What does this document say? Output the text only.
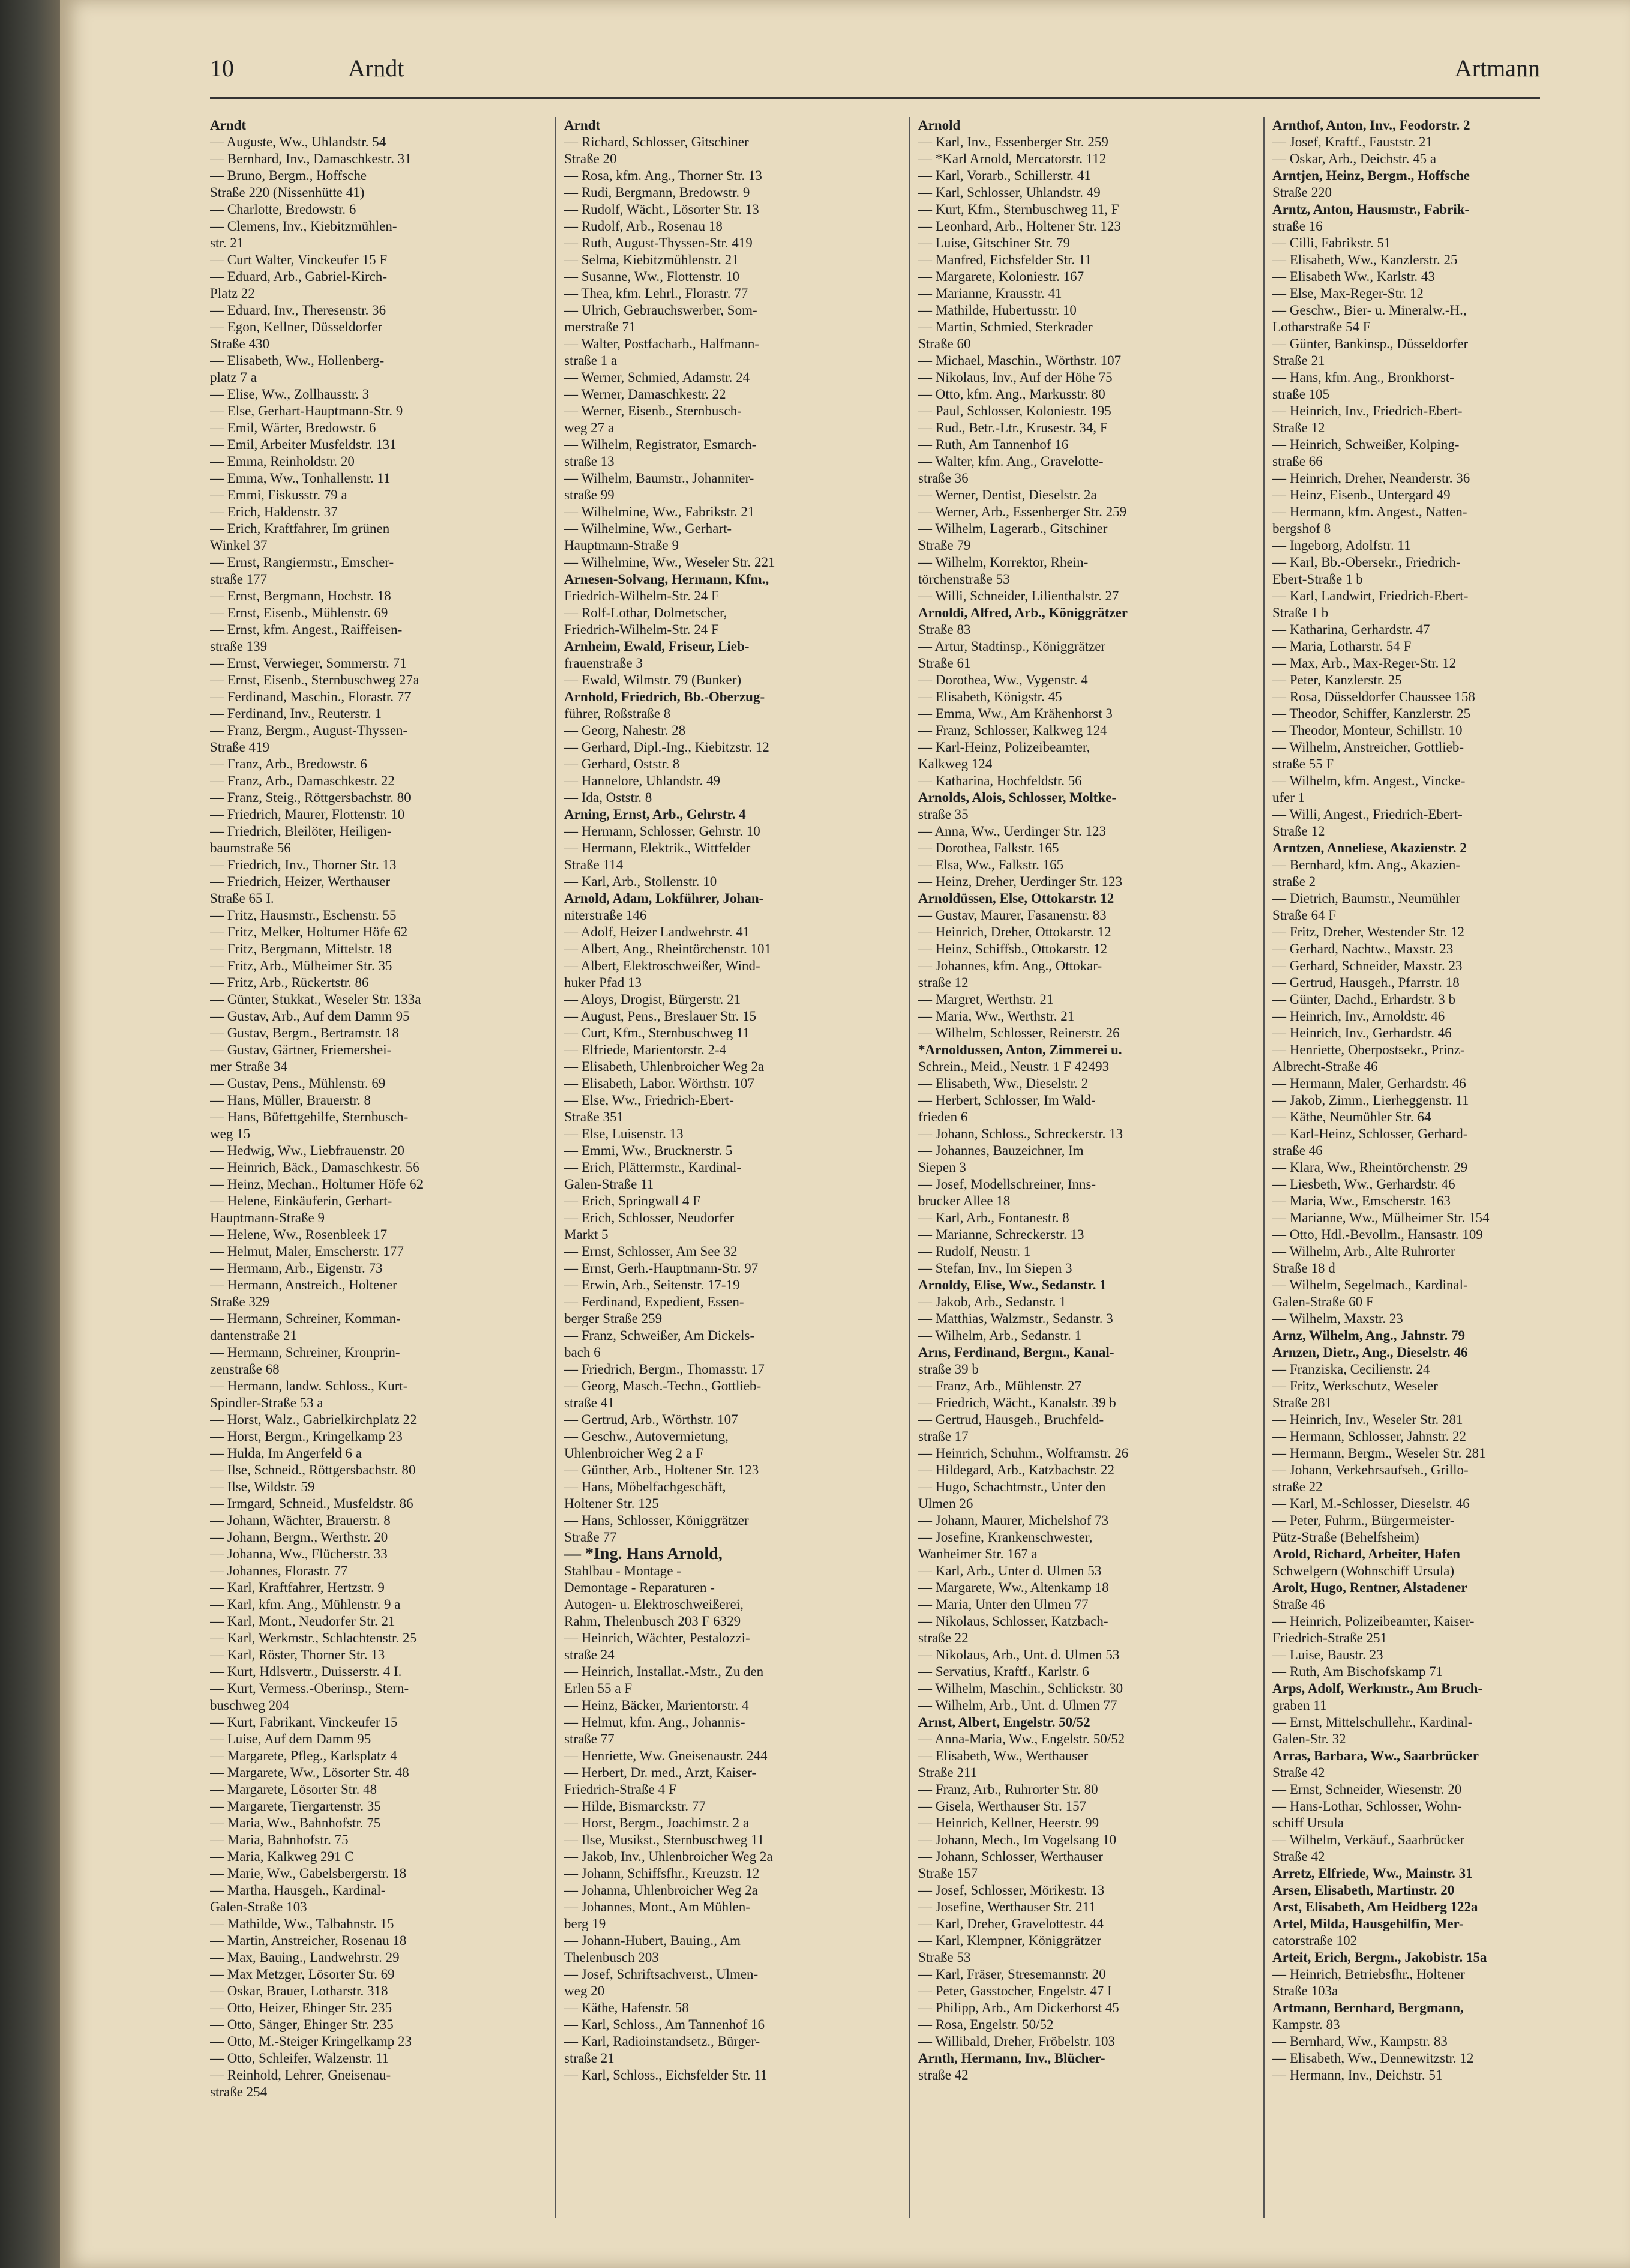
10	Arndt	Artmann
Arndt
— Auguste, Ww., Uhlandstr. 54
— Bernhard, Inv., Damaschkestr. 31
— Bruno, Bergm., Hoffsche
Straße 220 (Nissenhütte 41)
— Charlotte, Bredowstr. 6
— Clemens, Inv., Kiebitzmühlen-
str. 21
— Curt Walter, Vinckeufer 15 F
— Eduard, Arb., Gabriel-Kirch-
Platz 22
— Eduard, Inv., Theresenstr. 36
— Egon, Kellner, Düsseldorfer
Straße 430
— Elisabeth, Ww., Hollenberg-
platz 7 a
— Elise, Ww., Zollhausstr. 3
— Else, Gerhart-Hauptmann-Str. 9
— Emil, Wärter, Bredowstr. 6
— Emil, Arbeiter Musfeldstr. 131
— Emma, Reinholdstr. 20
— Emma, Ww., Tonhallenstr. 11
— Emmi, Fiskusstr. 79 a
— Erich, Haldenstr. 37
— Erich, Kraftfahrer, Im grünen
Winkel 37
— Ernst, Rangiermstr., Emscher-
straße 177
— Ernst, Bergmann, Hochstr. 18
— Ernst, Eisenb., Mühlenstr. 69
— Ernst, kfm. Angest., Raiffeisen-
straße 139
— Ernst, Verwieger, Sommerstr. 71
— Ernst, Eisenb., Sternbuschweg 27a
— Ferdinand, Maschin., Florastr. 77
— Ferdinand, Inv., Reuterstr. 1
— Franz, Bergm., August-Thyssen-
Straße 419
— Franz, Arb., Bredowstr. 6
— Franz, Arb., Damaschkestr. 22
— Franz, Steig., Röttgersbachstr. 80
— Friedrich, Maurer, Flottenstr. 10
— Friedrich, Bleilöter, Heiligen-
baumstraße 56
— Friedrich, Inv., Thorner Str. 13
— Friedrich, Heizer, Werthauser
Straße 65 I.
— Fritz, Hausmstr., Eschenstr. 55
— Fritz, Melker, Holtumer Höfe 62
— Fritz, Bergmann, Mittelstr. 18
— Fritz, Arb., Mülheimer Str. 35
— Fritz, Arb., Rückertstr. 86
— Günter, Stukkat., Weseler Str. 133a
— Gustav, Arb., Auf dem Damm 95
— Gustav, Bergm., Bertramstr. 18
— Gustav, Gärtner, Friemershei-
mer Straße 34
— Gustav, Pens., Mühlenstr. 69
— Hans, Müller, Brauerstr. 8
— Hans, Büfettgehilfe, Sternbusch-
weg 15
— Hedwig, Ww., Liebfrauenstr. 20
— Heinrich, Bäck., Damaschkestr. 56
— Heinz, Mechan., Holtumer Höfe 62
— Helene, Einkäuferin, Gerhart-
Hauptmann-Straße 9
— Helene, Ww., Rosenbleek 17
— Helmut, Maler, Emscherstr. 177
— Hermann, Arb., Eigenstr. 73
— Hermann, Anstreich., Holtener
Straße 329
— Hermann, Schreiner, Komman-
dantenstraße 21
— Hermann, Schreiner, Kronprin-
zenstraße 68
— Hermann, landw. Schloss., Kurt-
Spindler-Straße 53 a
— Horst, Walz., Gabrielkirchplatz 22
— Horst, Bergm., Kringelkamp 23
— Hulda, Im Angerfeld 6 a
— Ilse, Schneid., Röttgersbachstr. 80
— Ilse, Wildstr. 59
— Irmgard, Schneid., Musfeldstr. 86
— Johann, Wächter, Brauerstr. 8
— Johann, Bergm., Werthstr. 20
— Johanna, Ww., Flücherstr. 33
— Johannes, Florastr. 77
— Karl, Kraftfahrer, Hertzstr. 9
— Karl, kfm. Ang., Mühlenstr. 9 a
— Karl, Mont., Neudorfer Str. 21
— Karl, Werkmstr., Schlachtenstr. 25
— Karl, Röster, Thorner Str. 13
— Kurt, Hdlsvertr., Duisserstr. 4 I.
— Kurt, Vermess.-Oberinsp., Stern-
buschweg 204
— Kurt, Fabrikant, Vinckeufer 15
— Luise, Auf dem Damm 95
— Margarete, Pfleg., Karlsplatz 4
— Margarete, Ww., Lösorter Str. 48
— Margarete, Lösorter Str. 48
— Margarete, Tiergartenstr. 35
— Maria, Ww., Bahnhofstr. 75
— Maria, Bahnhofstr. 75
— Maria, Kalkweg 291 C
— Marie, Ww., Gabelsbergerstr. 18
— Martha, Hausgeh., Kardinal-
Galen-Straße 103
— Mathilde, Ww., Talbahnstr. 15
— Martin, Anstreicher, Rosenau 18
— Max, Bauing., Landwehrstr. 29
— Max Metzger, Lösorter Str. 69
— Oskar, Brauer, Lotharstr. 318
— Otto, Heizer, Ehinger Str. 235
— Otto, Sänger, Ehinger Str. 235
— Otto, M.-Steiger Kringelkamp 23
— Otto, Schleifer, Walzenstr. 11
— Reinhold, Lehrer, Gneisenau-
straße 254
Arndt
— Richard, Schlosser, Gitschiner
Straße 20
— Rosa, kfm. Ang., Thorner Str. 13
— Rudi, Bergmann, Bredowstr. 9
— Rudolf, Wächt., Lösorter Str. 13
— Rudolf, Arb., Rosenau 18
— Ruth, August-Thyssen-Str. 419
— Selma, Kiebitzmühlenstr. 21
— Susanne, Ww., Flottenstr. 10
— Thea, kfm. Lehrl., Florastr. 77
— Ulrich, Gebrauchswerber, Som-
merstraße 71
— Walter, Postfacharb., Halfmann-
straße 1 a
— Werner, Schmied, Adamstr. 24
— Werner, Damaschkestr. 22
— Werner, Eisenb., Sternbusch-
weg 27 a
— Wilhelm, Registrator, Esmarch-
straße 13
— Wilhelm, Baumstr., Johanniter-
straße 99
— Wilhelmine, Ww., Fabrikstr. 21
— Wilhelmine, Ww., Gerhart-
Hauptmann-Straße 9
— Wilhelmine, Ww., Weseler Str. 221
Arnesen-Solvang, Hermann, Kfm.,
Friedrich-Wilhelm-Str. 24 F
— Rolf-Lothar, Dolmetscher,
Friedrich-Wilhelm-Str. 24 F
Arnheim, Ewald, Friseur, Lieb-
frauenstraße 3
— Ewald, Wilmstr. 79 (Bunker)
Arnhold, Friedrich, Bb.-Oberzug-
führer, Roßstraße 8
— Georg, Nahestr. 28
— Gerhard, Dipl.-Ing., Kiebitzstr. 12
— Gerhard, Oststr. 8
— Hannelore, Uhlandstr. 49
— Ida, Oststr. 8
Arning, Ernst, Arb., Gehrstr. 4
— Hermann, Schlosser, Gehrstr. 10
— Hermann, Elektrik., Wittfelder
Straße 114
— Karl, Arb., Stollenstr. 10
Arnold, Adam, Lokführer, Johan-
niterstraße 146
— Adolf, Heizer Landwehrstr. 41
— Albert, Ang., Rheintörchenstr. 101
— Albert, Elektroschweißer, Wind-
huker Pfad 13
— Aloys, Drogist, Bürgerstr. 21
— August, Pens., Breslauer Str. 15
— Curt, Kfm., Sternbuschweg 11
— Elfriede, Marientorstr. 2-4
— Elisabeth, Uhlenbroicher Weg 2a
— Elisabeth, Labor. Wörthstr. 107
— Else, Ww., Friedrich-Ebert-
Straße 351
— Else, Luisenstr. 13
— Emmi, Ww., Brucknerstr. 5
— Erich, Plättermstr., Kardinal-
Galen-Straße 11
— Erich, Springwall 4 F
— Erich, Schlosser, Neudorfer
Markt 5
— Ernst, Schlosser, Am See 32
— Ernst, Gerh.-Hauptmann-Str. 97
— Erwin, Arb., Seitenstr. 17-19
— Ferdinand, Expedient, Essen-
berger Straße 259
— Franz, Schweißer, Am Dickels-
bach 6
— Friedrich, Bergm., Thomasstr. 17
— Georg, Masch.-Techn., Gottlieb-
straße 41
— Gertrud, Arb., Wörthstr. 107
— Geschw., Autovermietung,
Uhlenbroicher Weg 2 a F
— Günther, Arb., Holtener Str. 123
— Hans, Möbelfachgeschäft,
Holtener Str. 125
— Hans, Schlosser, Königgrätzer
Straße 77
— *Ing. Hans Arnold,
Stahlbau - Montage -
Demontage - Reparaturen -
Autogen- u. Elektroschweißerei,
Rahm, Thelenbusch 203 F 6329
— Heinrich, Wächter, Pestalozzi-
straße 24
— Heinrich, Installat.-Mstr., Zu den
Erlen 55 a F
— Heinz, Bäcker, Marientorstr. 4
— Helmut, kfm. Ang., Johannis-
straße 77
— Henriette, Ww. Gneisenaustr. 244
— Herbert, Dr. med., Arzt, Kaiser-
Friedrich-Straße 4 F
— Hilde, Bismarckstr. 77
— Horst, Bergm., Joachimstr. 2 a
— Ilse, Musikst., Sternbuschweg 11
— Jakob, Inv., Uhlenbroicher Weg 2a
— Johann, Schiffsfhr., Kreuzstr. 12
— Johanna, Uhlenbroicher Weg 2a
— Johannes, Mont., Am Mühlen-
berg 19
— Johann-Hubert, Bauing., Am
Thelenbusch 203
— Josef, Schriftsachverst., Ulmen-
weg 20
— Käthe, Hafenstr. 58
— Karl, Schloss., Am Tannenhof 16
— Karl, Radioinstandsetz., Bürger-
straße 21
— Karl, Schloss., Eichsfelder Str. 11
Arnold
— Karl, Inv., Essenberger Str. 259
— *Karl Arnold, Mercatorstr. 112
— Karl, Vorarb., Schillerstr. 41
— Karl, Schlosser, Uhlandstr. 49
— Kurt, Kfm., Sternbuschweg 11, F
— Leonhard, Arb., Holtener Str. 123
— Luise, Gitschiner Str. 79
— Manfred, Eichsfelder Str. 11
— Margarete, Koloniestr. 167
— Marianne, Krausstr. 41
— Mathilde, Hubertusstr. 10
— Martin, Schmied, Sterkrader
Straße 60
— Michael, Maschin., Wörthstr. 107
— Nikolaus, Inv., Auf der Höhe 75
— Otto, kfm. Ang., Markusstr. 80
— Paul, Schlosser, Koloniestr. 195
— Rud., Betr.-Ltr., Krusestr. 34, F
— Ruth, Am Tannenhof 16
— Walter, kfm. Ang., Gravelotte-
straße 36
— Werner, Dentist, Dieselstr. 2a
— Werner, Arb., Essenberger Str. 259
— Wilhelm, Lagerarb., Gitschiner
Straße 79
— Wilhelm, Korrektor, Rhein-
törchenstraße 53
— Willi, Schneider, Lilienthalstr. 27
Arnoldi, Alfred, Arb., Königgrätzer
Straße 83
— Artur, Stadtinsp., Königgrätzer
Straße 61
— Dorothea, Ww., Vygenstr. 4
— Elisabeth, Königstr. 45
— Emma, Ww., Am Krähenhorst 3
— Franz, Schlosser, Kalkweg 124
— Karl-Heinz, Polizeibeamter,
Kalkweg 124
— Katharina, Hochfeldstr. 56
Arnolds, Alois, Schlosser, Moltke-
straße 35
— Anna, Ww., Uerdinger Str. 123
— Dorothea, Falkstr. 165
— Elsa, Ww., Falkstr. 165
— Heinz, Dreher, Uerdinger Str. 123
Arnoldüssen, Else, Ottokarstr. 12
— Gustav, Maurer, Fasanenstr. 83
— Heinrich, Dreher, Ottokarstr. 12
— Heinz, Schiffsb., Ottokarstr. 12
— Johannes, kfm. Ang., Ottokar-
straße 12
— Margret, Werthstr. 21
— Maria, Ww., Werthstr. 21
— Wilhelm, Schlosser, Reinerstr. 26
*Arnoldussen, Anton, Zimmerei u.
Schrein., Meid., Neustr. 1 F 42493
— Elisabeth, Ww., Dieselstr. 2
— Herbert, Schlosser, Im Wald-
frieden 6
— Johann, Schloss., Schreckerstr. 13
— Johannes, Bauzeichner, Im
Siepen 3
— Josef, Modellschreiner, Inns-
brucker Allee 18
— Karl, Arb., Fontanestr. 8
— Marianne, Schreckerstr. 13
— Rudolf, Neustr. 1
— Stefan, Inv., Im Siepen 3
Arnoldy, Elise, Ww., Sedanstr. 1
— Jakob, Arb., Sedanstr. 1
— Matthias, Walzmstr., Sedanstr. 3
— Wilhelm, Arb., Sedanstr. 1
Arns, Ferdinand, Bergm., Kanal-
straße 39 b
— Franz, Arb., Mühlenstr. 27
— Friedrich, Wächt., Kanalstr. 39 b
— Gertrud, Hausgeh., Bruchfeld-
straße 17
— Heinrich, Schuhm., Wolframstr. 26
— Hildegard, Arb., Katzbachstr. 22
— Hugo, Schachtmstr., Unter den
Ulmen 26
— Johann, Maurer, Michelshof 73
— Josefine, Krankenschwester,
Wanheimer Str. 167 a
— Karl, Arb., Unter d. Ulmen 53
— Margarete, Ww., Altenkamp 18
— Maria, Unter den Ulmen 77
— Nikolaus, Schlosser, Katzbach-
straße 22
— Nikolaus, Arb., Unt. d. Ulmen 53
— Servatius, Kraftf., Karlstr. 6
— Wilhelm, Maschin., Schlickstr. 30
— Wilhelm, Arb., Unt. d. Ulmen 77
Arnst, Albert, Engelstr. 50/52
— Anna-Maria, Ww., Engelstr. 50/52
— Elisabeth, Ww., Werthauser
Straße 211
— Franz, Arb., Ruhrorter Str. 80
— Gisela, Werthauser Str. 157
— Heinrich, Kellner, Heerstr. 99
— Johann, Mech., Im Vogelsang 10
— Johann, Schlosser, Werthauser
Straße 157
— Josef, Schlosser, Mörikestr. 13
— Josefine, Werthauser Str. 211
— Karl, Dreher, Gravelottestr. 44
— Karl, Klempner, Königgrätzer
Straße 53
— Karl, Fräser, Stresemannstr. 20
— Peter, Gasstocher, Engelstr. 47 I
— Philipp, Arb., Am Dickerhorst 45
— Rosa, Engelstr. 50/52
— Willibald, Dreher, Fröbelstr. 103
Arnth, Hermann, Inv., Blücher-
straße 42
Arnthof, Anton, Inv., Feodorstr. 2
— Josef, Kraftf., Fauststr. 21
— Oskar, Arb., Deichstr. 45 a
Arntjen, Heinz, Bergm., Hoffsche
Straße 220
Arntz, Anton, Hausmstr., Fabrik-
straße 16
— Cilli, Fabrikstr. 51
— Elisabeth, Ww., Kanzlerstr. 25
— Elisabeth Ww., Karlstr. 43
— Else, Max-Reger-Str. 12
— Geschw., Bier- u. Mineralw.-H.,
Lotharstraße 54 F
— Günter, Bankinsp., Düsseldorfer
Straße 21
— Hans, kfm. Ang., Bronkhorst-
straße 105
— Heinrich, Inv., Friedrich-Ebert-
Straße 12
— Heinrich, Schweißer, Kolping-
straße 66
— Heinrich, Dreher, Neanderstr. 36
— Heinz, Eisenb., Untergard 49
— Hermann, kfm. Angest., Natten-
bergshof 8
— Ingeborg, Adolfstr. 11
— Karl, Bb.-Obersekr., Friedrich-
Ebert-Straße 1 b
— Karl, Landwirt, Friedrich-Ebert-
Straße 1 b
— Katharina, Gerhardstr. 47
— Maria, Lotharstr. 54 F
— Max, Arb., Max-Reger-Str. 12
— Peter, Kanzlerstr. 25
— Rosa, Düsseldorfer Chaussee 158
— Theodor, Schiffer, Kanzlerstr. 25
— Theodor, Monteur, Schillstr. 10
— Wilhelm, Anstreicher, Gottlieb-
straße 55 F
— Wilhelm, kfm. Angest., Vincke-
ufer 1
— Willi, Angest., Friedrich-Ebert-
Straße 12
Arntzen, Anneliese, Akazienstr. 2
— Bernhard, kfm. Ang., Akazien-
straße 2
— Dietrich, Baumstr., Neumühler
Straße 64 F
— Fritz, Dreher, Westender Str. 12
— Gerhard, Nachtw., Maxstr. 23
— Gerhard, Schneider, Maxstr. 23
— Gertrud, Hausgeh., Pfarrstr. 18
— Günter, Dachd., Erhardstr. 3 b
— Heinrich, Inv., Arnoldstr. 46
— Heinrich, Inv., Gerhardstr. 46
— Henriette, Oberpostsekr., Prinz-
Albrecht-Straße 46
— Hermann, Maler, Gerhardstr. 46
— Jakob, Zimm., Lierheggenstr. 11
— Käthe, Neumühler Str. 64
— Karl-Heinz, Schlosser, Gerhard-
straße 46
— Klara, Ww., Rheintörchenstr. 29
— Liesbeth, Ww., Gerhardstr. 46
— Maria, Ww., Emscherstr. 163
— Marianne, Ww., Mülheimer Str. 154
— Otto, Hdl.-Bevollm., Hansastr. 109
— Wilhelm, Arb., Alte Ruhrorter
Straße 18 d
— Wilhelm, Segelmach., Kardinal-
Galen-Straße 60 F
— Wilhelm, Maxstr. 23
Arnz, Wilhelm, Ang., Jahnstr. 79
Arnzen, Dietr., Ang., Dieselstr. 46
— Franziska, Cecilienstr. 24
— Fritz, Werkschutz, Weseler
Straße 281
— Heinrich, Inv., Weseler Str. 281
— Hermann, Schlosser, Jahnstr. 22
— Hermann, Bergm., Weseler Str. 281
— Johann, Verkehrsaufseh., Grillo-
straße 22
— Karl, M.-Schlosser, Dieselstr. 46
— Peter, Fuhrm., Bürgermeister-
Pütz-Straße (Behelfsheim)
Arold, Richard, Arbeiter, Hafen
Schwelgern (Wohnschiff Ursula)
Arolt, Hugo, Rentner, Alstadener
Straße 46
— Heinrich, Polizeibeamter, Kaiser-
Friedrich-Straße 251
— Luise, Baustr. 23
— Ruth, Am Bischofskamp 71
Arps, Adolf, Werkmstr., Am Bruch-
graben 11
— Ernst, Mittelschullehr., Kardinal-
Galen-Str. 32
Arras, Barbara, Ww., Saarbrücker
Straße 42
— Ernst, Schneider, Wiesenstr. 20
— Hans-Lothar, Schlosser, Wohn-
schiff Ursula
— Wilhelm, Verkäuf., Saarbrücker
Straße 42
Arretz, Elfriede, Ww., Mainstr. 31
Arsen, Elisabeth, Martinstr. 20
Arst, Elisabeth, Am Heidberg 122a
Artel, Milda, Hausgehilfin, Mer-
catorstraße 102
Arteit, Erich, Bergm., Jakobistr. 15a
— Heinrich, Betriebsfhr., Holtener
Straße 103a
Artmann, Bernhard, Bergmann,
Kampstr. 83
— Bernhard, Ww., Kampstr. 83
— Elisabeth, Ww., Dennewitzstr. 12
— Hermann, Inv., Deichstr. 51
